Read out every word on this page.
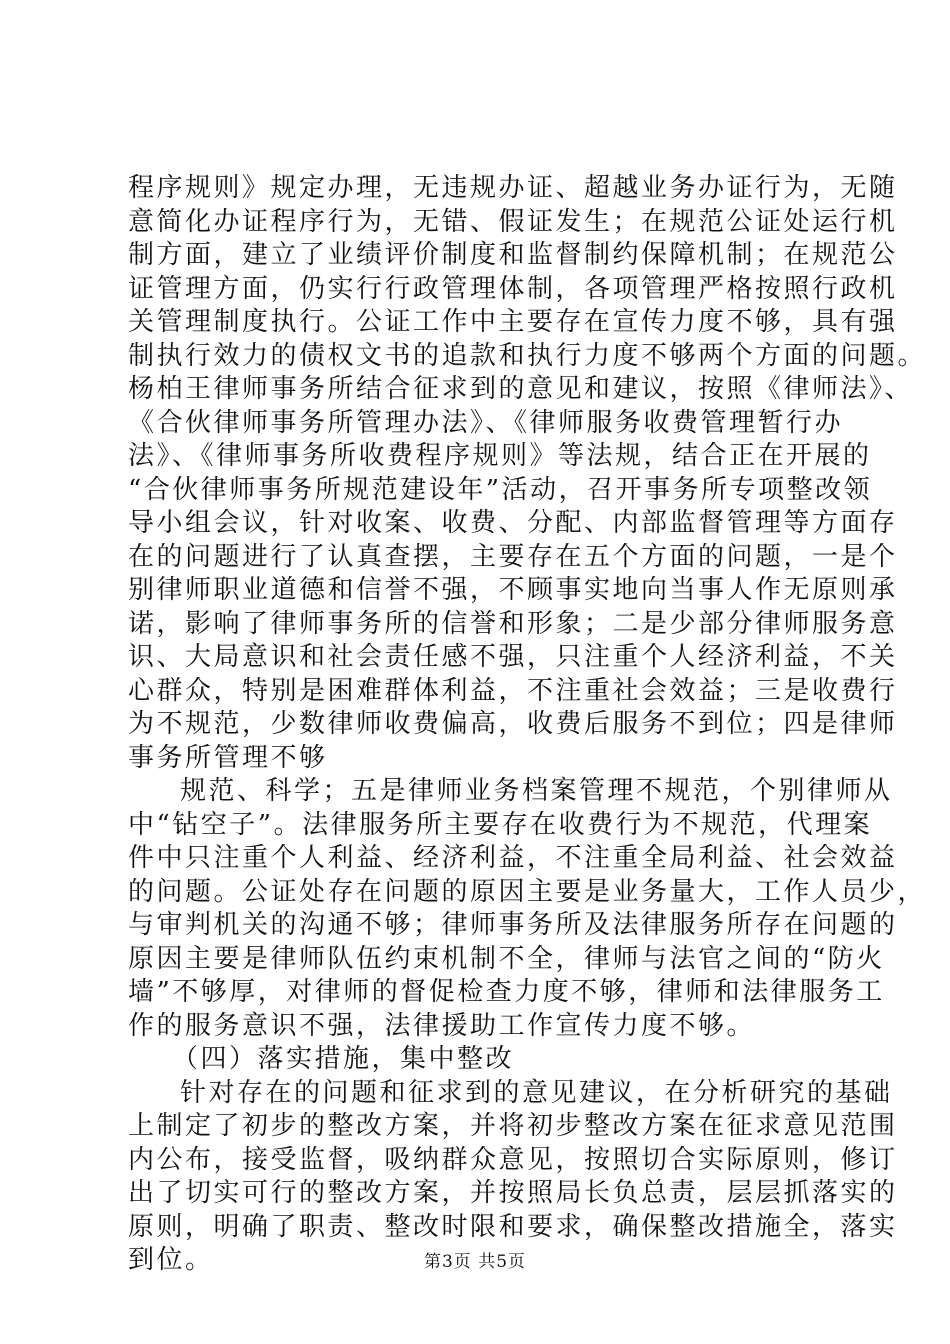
程序规则》规定办理，无违规办证、超越业务办证行为，无随
意简化办证程序行为，无错、假证发生；在规范公证处运行机
制方面，建立了业绩评价制度和监督制约保障机制；在规范公
证管理方面，仍实行行政管理体制，各项管理严格按照行政机
关管理制度执行。公证工作中主要存在宣传力度不够，具有强
制执行效力的债权文书的追款和执行力度不够两个方面的问题。
杨柏王律师事务所结合征求到的意见和建议，按照《律师法》、
《合伙律师事务所管理办法》、《律师服务收费管理暂行办
法》、《律师事务所收费程序规则》等法规，结合正在开展的
“合伙律师事务所规范建设年”活动，召开事务所专项整改领
导小组会议，针对收案、收费、分配、内部监督管理等方面存
在的问题进行了认真查摆，主要存在五个方面的问题，一是个
别律师职业道德和信誉不强，不顾事实地向当事人作无原则承
诺，影响了律师事务所的信誉和形象；二是少部分律师服务意
识、大局意识和社会责任感不强，只注重个人经济利益，不关
心群众，特别是困难群体利益，不注重社会效益；三是收费行
为不规范，少数律师收费偏高，收费后服务不到位；四是律师
事务所管理不够
规范、科学；五是律师业务档案管理不规范，个别律师从
中“钻空子”。法律服务所主要存在收费行为不规范，代理案
件中只注重个人利益、经济利益，不注重全局利益、社会效益
的问题。公证处存在问题的原因主要是业务量大，工作人员少，
与审判机关的沟通不够；律师事务所及法律服务所存在问题的
原因主要是律师队伍约束机制不全，律师与法官之间的“防火
墙”不够厚，对律师的督促检查力度不够，律师和法律服务工
作的服务意识不强，法律援助工作宣传力度不够。
（四）落实措施，集中整改
针对存在的问题和征求到的意见建议，在分析研究的基础
上制定了初步的整改方案，并将初步整改方案在征求意见范围
内公布，接受监督，吸纳群众意见，按照切合实际原则，修订
出了切实可行的整改方案，并按照局长负总责，层层抓落实的
原则，明确了职责、整改时限和要求，确保整改措施全，落实
到位。	第3页 共5页
